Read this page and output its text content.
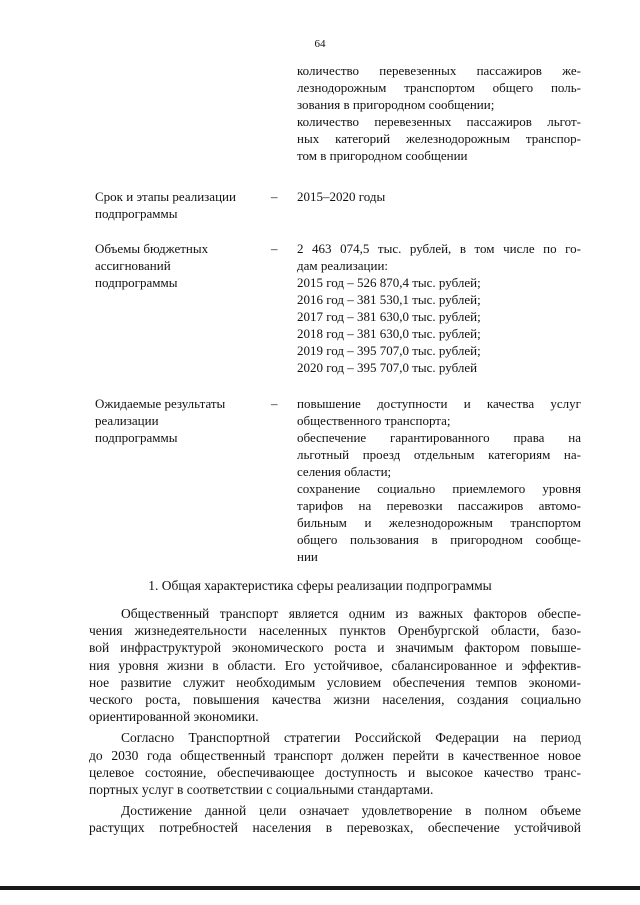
64
количество перевезенных пассажиров же-
лезнодорожным транспортом общего поль-
зования в пригородном сообщении;
количество перевезенных пассажиров льгот-
ных категорий железнодорожным транспор-
том в пригородном сообщении
Срок и этапы реализации
подпрограммы
–	2015–2020 годы
Объемы бюджетных
ассигнований
подпрограммы
–	2 463 074,5 тыс. рублей, в том числе по го-
дам реализации:
2015 год – 526 870,4 тыс. рублей;
2016 год – 381 530,1 тыс. рублей;
2017 год – 381 630,0 тыс. рублей;
2018 год – 381 630,0 тыс. рублей;
2019 год – 395 707,0 тыс. рублей;
2020 год – 395 707,0 тыс. рублей
Ожидаемые результаты
реализации
подпрограммы
–	повышение доступности и качества услуг
общественного транспорта;
обеспечение гарантированного права на
льготный проезд отдельным категориям на-
селения области;
сохранение социально приемлемого уровня
тарифов на перевозки пассажиров автомо-
бильным и железнодорожным транспортом
общего пользования в пригородном сообще-
нии
1. Общая характеристика сферы реализации подпрограммы
Общественный транспорт является одним из важных факторов обеспе-
чения жизнедеятельности населенных пунктов Оренбургской области, базо-
вой инфраструктурой экономического роста и значимым фактором повыше-
ния уровня жизни в области. Его устойчивое, сбалансированное и эффектив-
ное развитие служит необходимым условием обеспечения темпов экономи-
ческого роста, повышения качества жизни населения, создания социально
ориентированной экономики.
Согласно Транспортной стратегии Российской Федерации на период
до 2030 года общественный транспорт должен перейти в качественное новое
целевое состояние, обеспечивающее доступность и высокое качество транс-
портных услуг в соответствии с социальными стандартами.
Достижение данной цели означает удовлетворение в полном объеме
растущих потребностей населения в перевозках, обеспечение устойчивой
